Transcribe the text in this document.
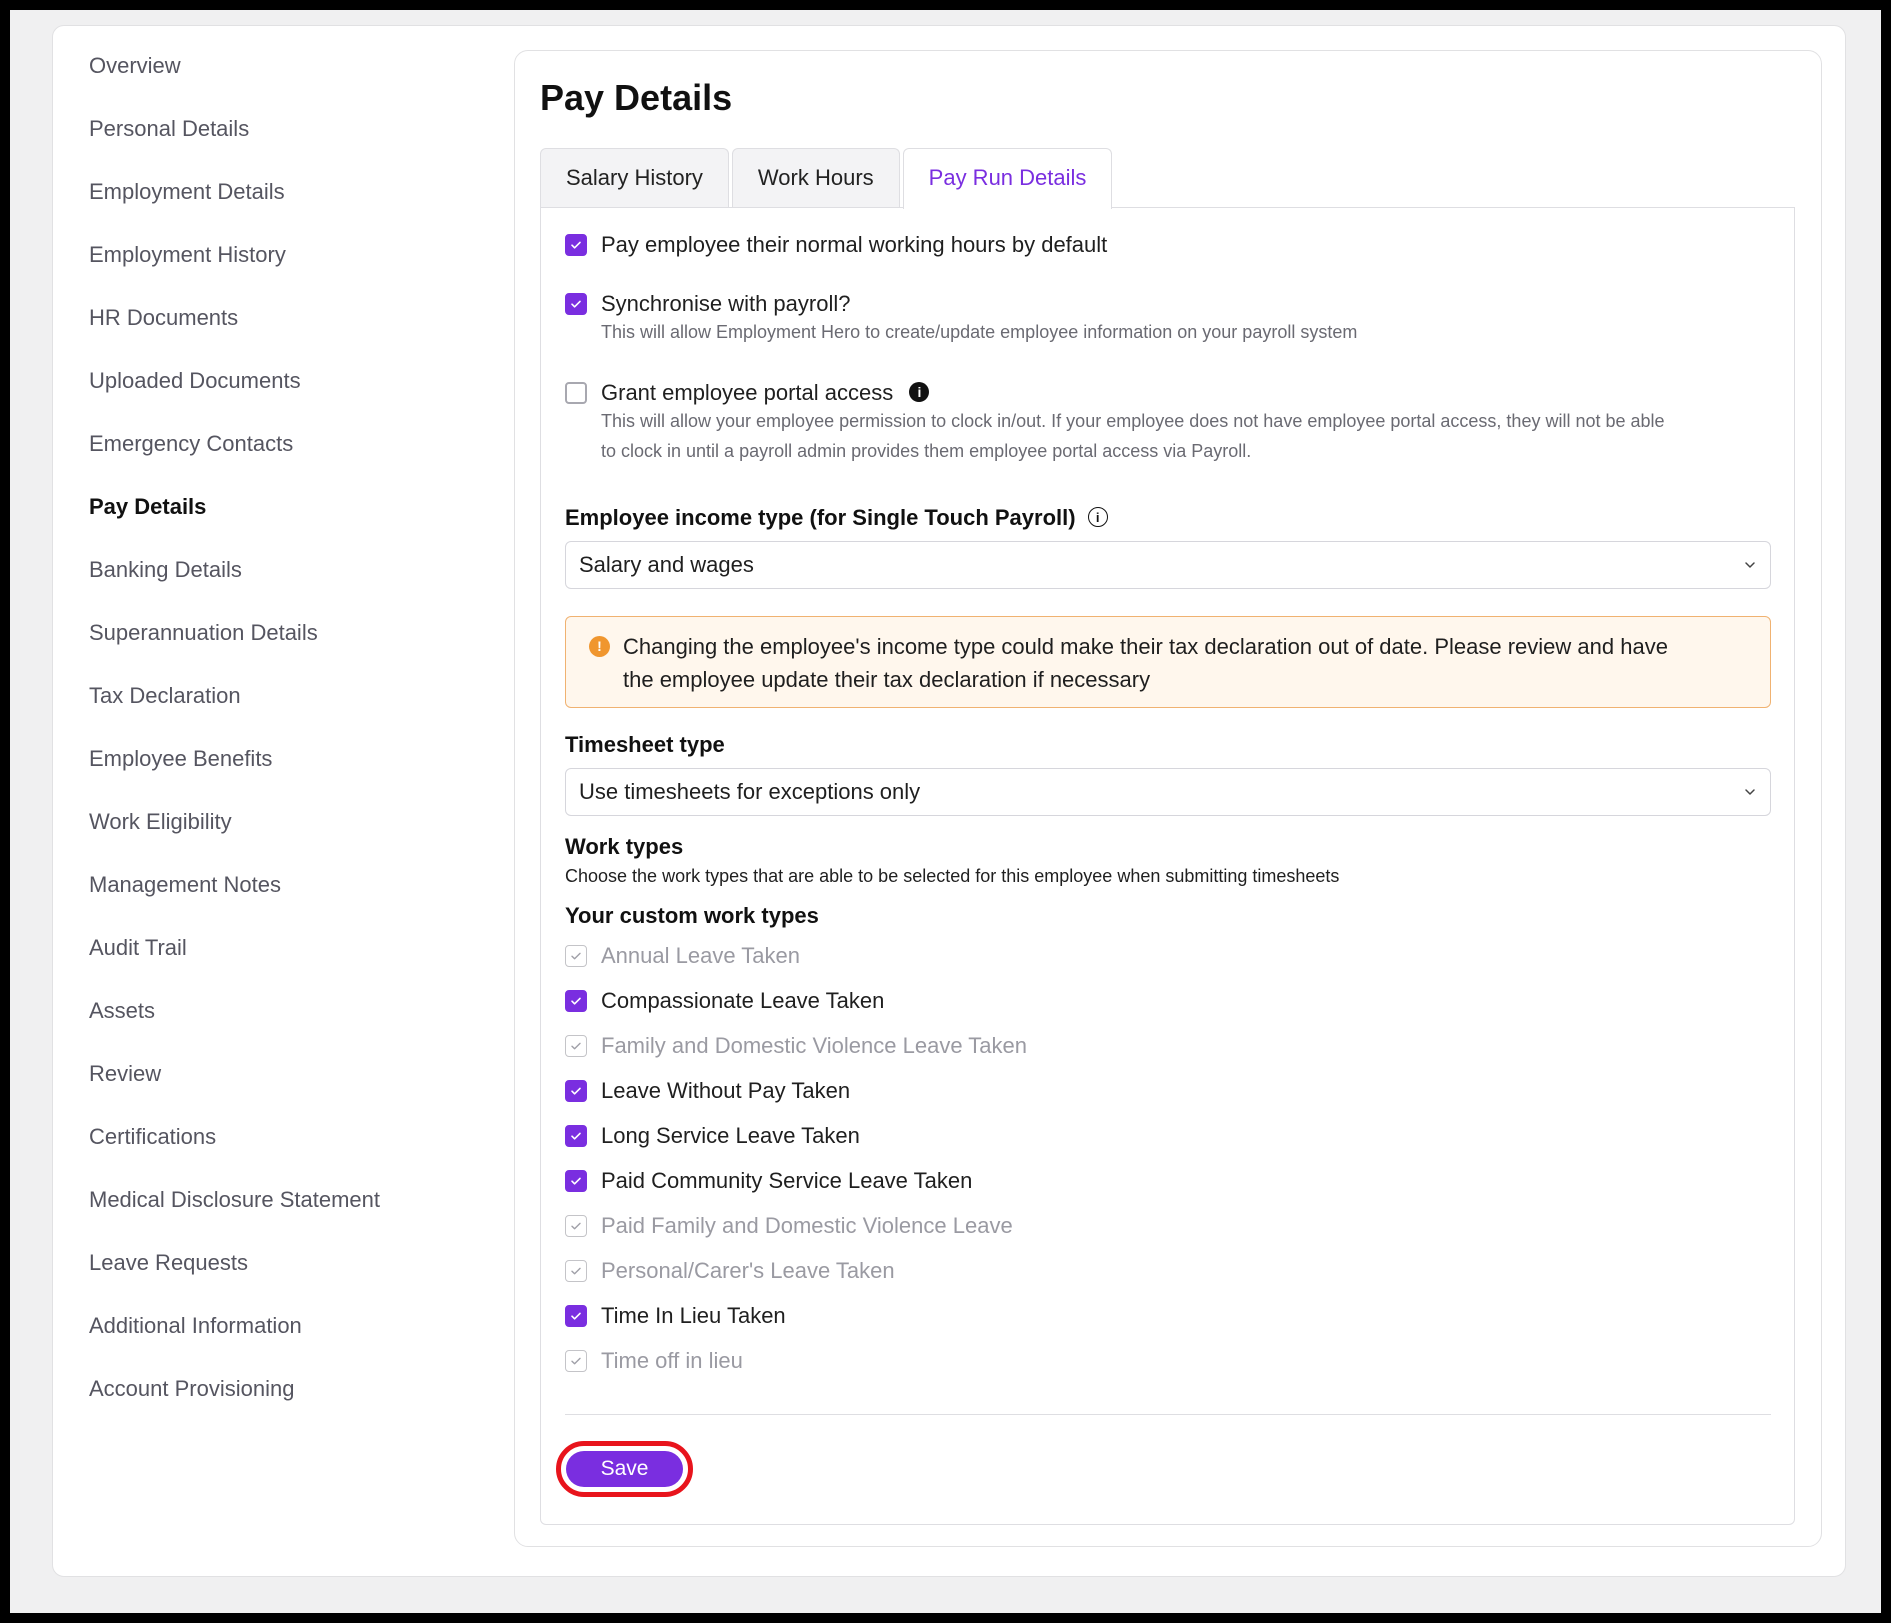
Overview
Personal Details
Employment Details
Employment History
HR Documents
Uploaded Documents
Emergency Contacts
Pay Details
Banking Details
Superannuation Details
Tax Declaration
Employee Benefits
Work Eligibility
Management Notes
Audit Trail
Assets
Review
Certifications
Medical Disclosure Statement
Leave Requests
Additional Information
Account Provisioning
Pay Details
Salary History	Work Hours	Pay Run Details
Pay employee their normal working hours by default
Synchronise with payroll?
This will allow Employment Hero to create/update employee information on your payroll system
Grant employee portal access i
This will allow your employee permission to clock in/out. If your employee does not have employee portal access, they will not be able
to clock in until a payroll admin provides them employee portal access via Payroll.
Employee income type (for Single Touch Payroll) i
Salary and wages
! Changing the employee's income type could make their tax declaration out of date. Please review and have
the employee update their tax declaration if necessary
Timesheet type
Use timesheets for exceptions only
Work types
Choose the work types that are able to be selected for this employee when submitting timesheets
Your custom work types
Annual Leave Taken
Compassionate Leave Taken
Family and Domestic Violence Leave Taken
Leave Without Pay Taken
Long Service Leave Taken
Paid Community Service Leave Taken
Paid Family and Domestic Violence Leave
Personal/Carer's Leave Taken
Time In Lieu Taken
Time off in lieu
Save
